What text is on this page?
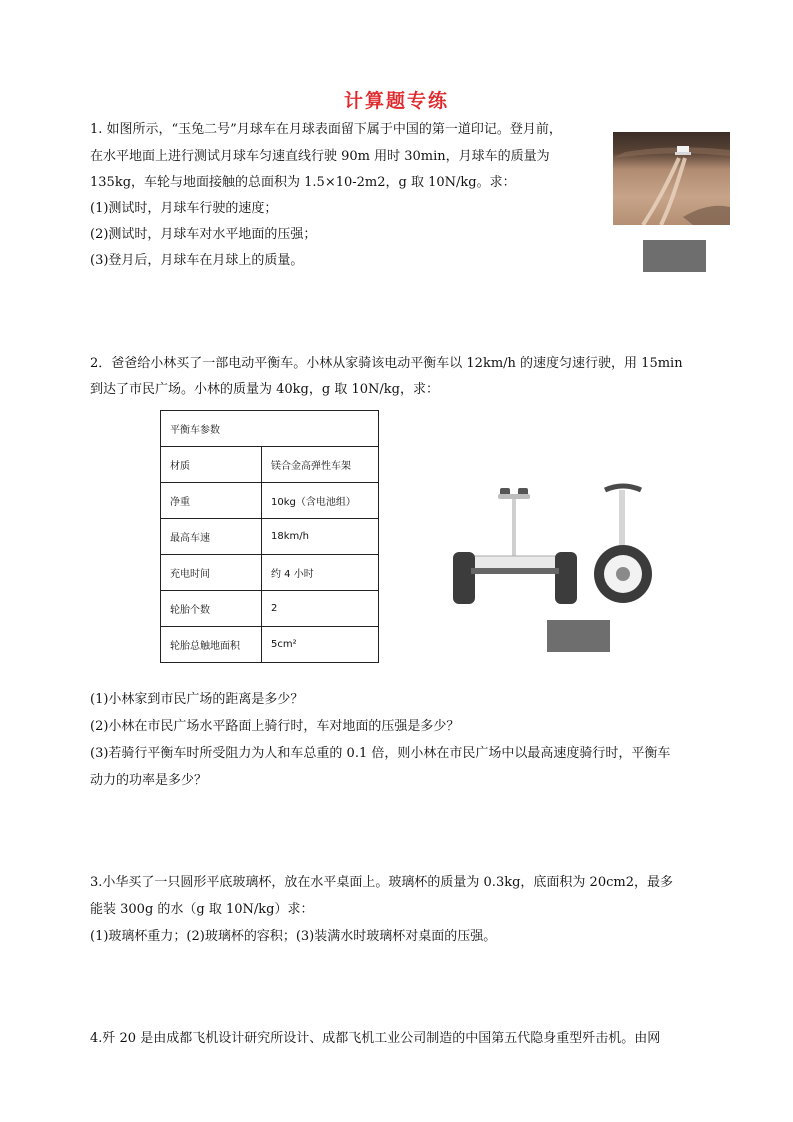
计算题专练
1. 如图所示，“玉兔二号”月球车在月球表面留下属于中国的第一道印记。登月前，
在水平地面上进行测试月球车匀速直线行驶 90m 用时 30min，月球车的质量为
135kg，车轮与地面接触的总面积为 1.5×10-2m2，g 取 10N/kg。求：
(1)测试时，月球车行驶的速度；
(2)测试时，月球车对水平地面的压强；
(3)登月后，月球车在月球上的质量。
2．爸爸给小林买了一部电动平衡车。小林从家骑该电动平衡车以 12km/h 的速度匀速行驶，用 15min
到达了市民广场。小林的质量为 40kg，g 取 10N/kg，求：
平衡车参数	
材质	镁合金高弹性车架
净重	10kg（含电池组）
最高车速	18km/h
充电时间	约 4 小时
轮胎个数	2
轮胎总触地面积	5cm²
(1)小林家到市民广场的距离是多少？
(2)小林在市民广场水平路面上骑行时，车对地面的压强是多少？
(3)若骑行平衡车时所受阻力为人和车总重的 0.1 倍，则小林在市民广场中以最高速度骑行时，平衡车
动力的功率是多少？
3.小华买了一只圆形平底玻璃杯，放在水平桌面上。玻璃杯的质量为 0.3kg，底面积为 20cm2，最多
能装 300g 的水（g 取 10N/kg）求：
(1)玻璃杯重力；(2)玻璃杯的容积；(3)装满水时玻璃杯对桌面的压强。
4.歼 20 是由成都飞机设计研究所设计、成都飞机工业公司制造的中国第五代隐身重型歼击机。由网
